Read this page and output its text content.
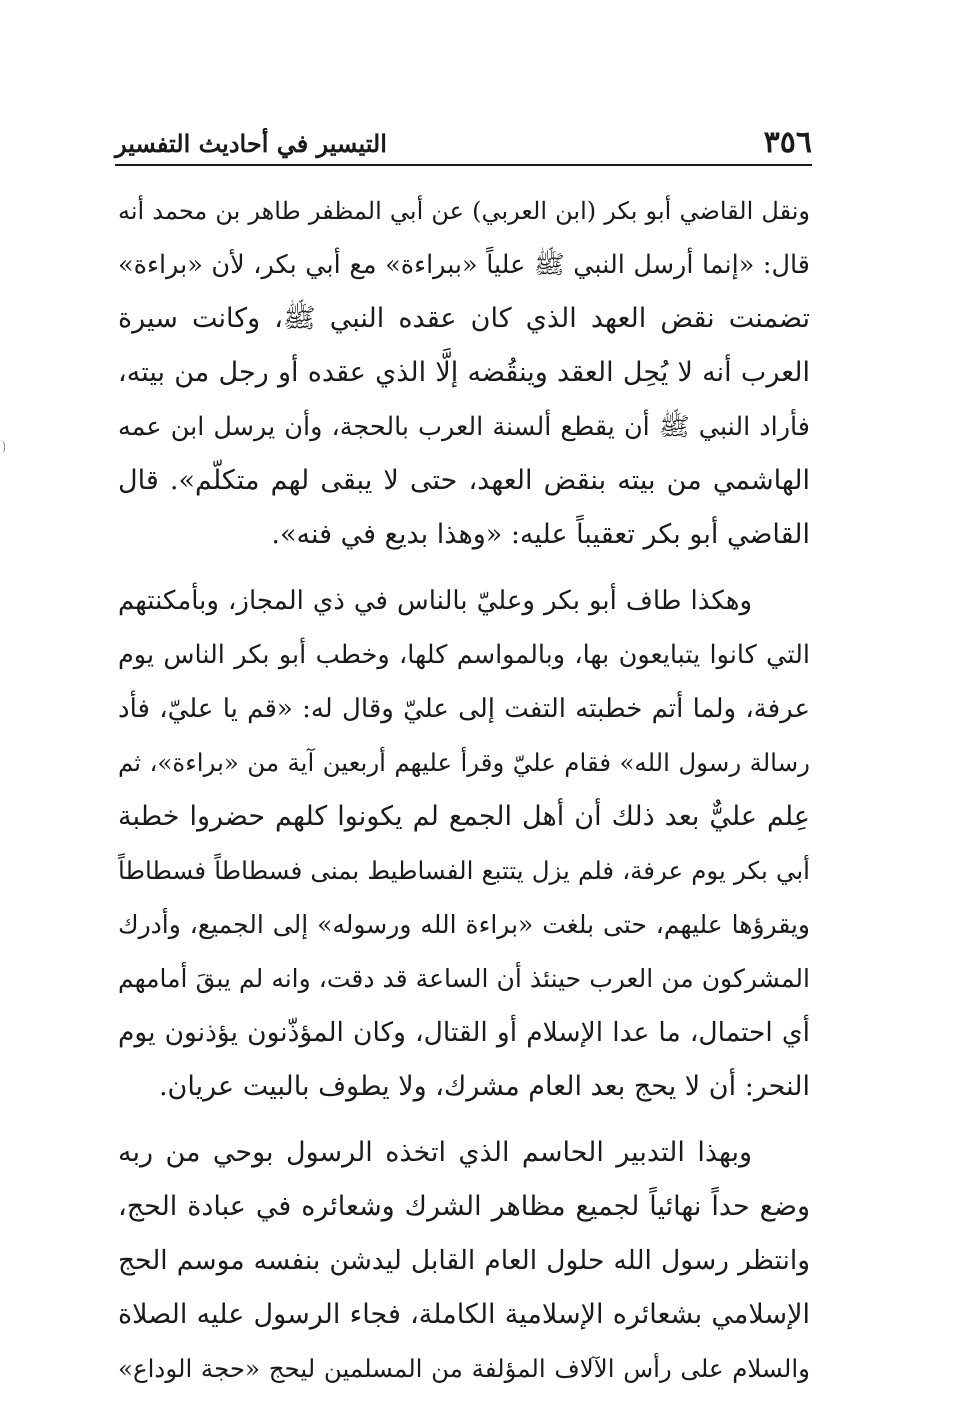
٣٥٦
التيسير في أحاديث التفسير

ونقل القاضي أبو بكر (ابن العربي) عن أبي المظفر طاهر بن محمد أنه
قال: «إنما أرسل النبي ﷺ علياً «ببراءة» مع أبي بكر، لأن «براءة»
تضمنت نقض العهد الذي كان عقده النبي ﷺ، وكانت سيرة
العرب أنه لا يُحِل العقد وينقُضه إلَّا الذي عقده أو رجل من بيته،
فأراد النبي ﷺ أن يقطع ألسنة العرب بالحجة، وأن يرسل ابن عمه
الهاشمي من بيته بنقض العهد، حتى لا يبقى لهم متكلّم». قال
القاضي أبو بكر تعقيباً عليه: «وهذا بديع في فنه».

وهكذا طاف أبو بكر وعليّ بالناس في ذي المجاز، وبأمكنتهم
التي كانوا يتبايعون بها، وبالمواسم كلها، وخطب أبو بكر الناس يوم
عرفة، ولما أتم خطبته التفت إلى عليّ وقال له: «قم يا عليّ، فأد
رسالة رسول الله» فقام عليّ وقرأ عليهم أربعين آية من «براءة»، ثم
عِلم عليٌّ بعد ذلك أن أهل الجمع لم يكونوا كلهم حضروا خطبة
أبي بكر يوم عرفة، فلم يزل يتتبع الفساطيط بمنى فسطاطاً فسطاطاً
ويقرؤها عليهم، حتى بلغت «براءة الله ورسوله» إلى الجميع، وأدرك
المشركون من العرب حينئذ أن الساعة قد دقت، وانه لم يبقَ أمامهم
أي احتمال، ما عدا الإسلام أو القتال، وكان المؤذّنون يؤذنون يوم
النحر: أن لا يحج بعد العام مشرك، ولا يطوف بالبيت عريان.

وبهذا التدبير الحاسم الذي اتخذه الرسول بوحي من ربه
وضع حداً نهائياً لجميع مظاهر الشرك وشعائره في عبادة الحج،
وانتظر رسول الله حلول العام القابل ليدشن بنفسه موسم الحج
الإسلامي بشعائره الإسلامية الكاملة، فجاء الرسول عليه الصلاة
والسلام على رأس الآلاف المؤلفة من المسلمين ليحج «حجة الوداع»
